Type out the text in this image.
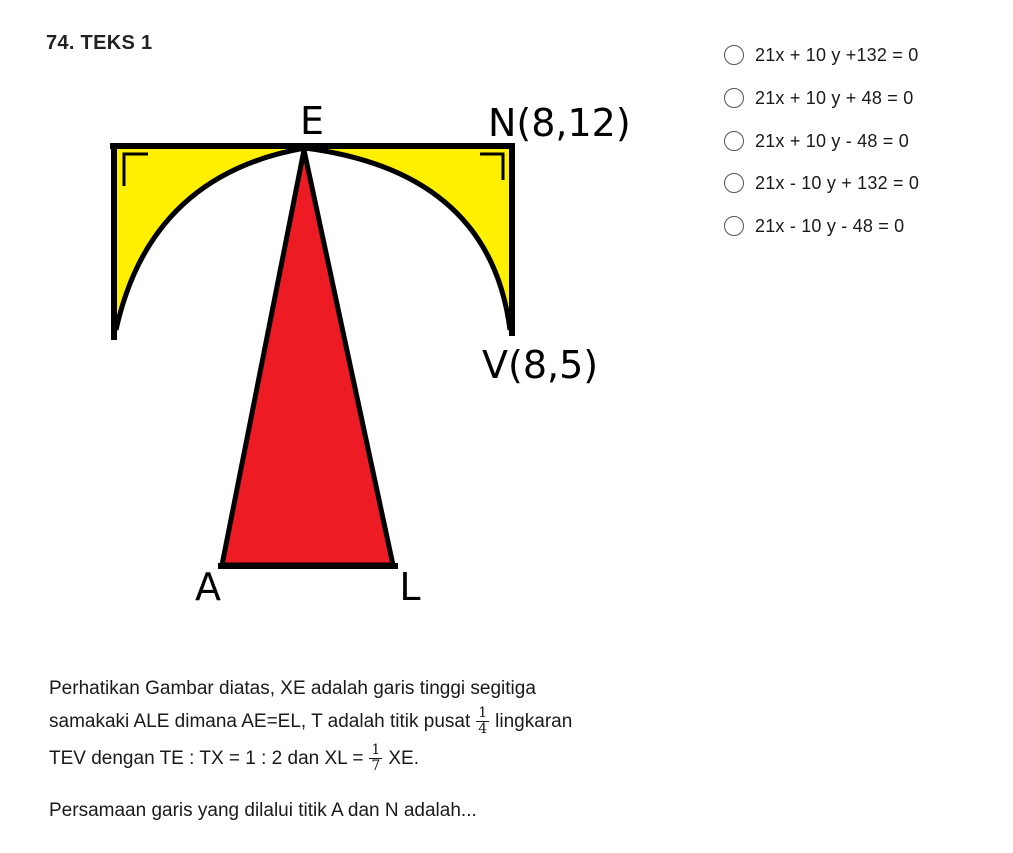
74. TEKS 1
E	N(8,12)
V(8,5)
A	L
21x + 10 y +132 = 0
21x + 10 y + 48 = 0
21x + 10 y - 48 = 0
21x - 10 y + 132 = 0
21x - 10 y - 48 = 0
Perhatikan Gambar diatas, XE adalah garis tinggi segitiga
samakaki ALE dimana AE=EL, T adalah titik pusat $\frac{1}{4}$ lingkaran
TEV dengan TE : TX = 1 : 2 dan XL = $\frac{1}{7}$ XE.
Persamaan garis yang dilalui titik A dan N adalah...
